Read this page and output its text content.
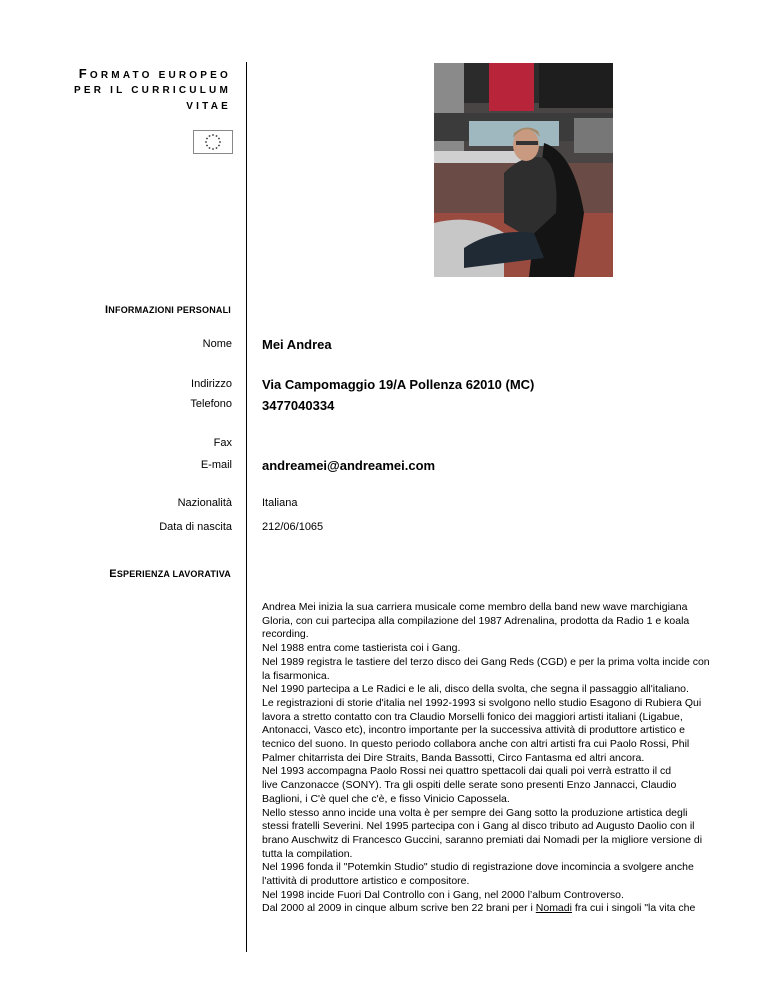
FORMATO EUROPEO
PER IL CURRICULUM
VITAE
INFORMAZIONI PERSONALI
Nome Mei Andrea
Indirizzo Via Campomaggio 19/A Pollenza 62010 (MC)
Telefono 3477040334
Fax
E-mail andreamei@andreamei.com
Nazionalità	Italiana
Data di nascita	212/06/1065
ESPERIENZA LAVORATIVA

Andrea Mei inizia la sua carriera musicale come membro della band new wave marchigiana

Gloria, con cui partecipa alla compilazione del 1987 Adrenalina, prodotta da Radio 1 e koala

recording.

Nel 1988 entra come tastierista coi i Gang.

Nel 1989 registra le tastiere del terzo disco dei Gang Reds (CGD) e per la prima volta incide con

la fisarmonica.

Nel 1990 partecipa a Le Radici e le ali, disco della svolta, che segna il passaggio all'italiano.

Le registrazioni di storie d'italia nel 1992-1993 si svolgono nello studio Esagono di Rubiera Qui

lavora a stretto contatto con tra Claudio Morselli fonico dei maggiori artisti italiani (Ligabue,

Antonacci, Vasco etc), incontro importante per la successiva attività di produttore artistico e

tecnico del suono. In questo periodo collabora anche con altri artisti fra cui Paolo Rossi, Phil

Palmer chitarrista dei Dire Straits, Banda Bassotti, Circo Fantasma ed altri ancora.

Nel 1993 accompagna Paolo Rossi nei quattro spettacoli dai quali poi verrà estratto il cd

live Canzonacce (SONY). Tra gli ospiti delle serate sono presenti Enzo Jannacci, Claudio

Baglioni, i C'è quel che c'è, e fisso Vinicio Capossela.

Nello stesso anno incide una volta è per sempre dei Gang sotto la produzione artistica degli

stessi fratelli Severini. Nel 1995 partecipa con i Gang al disco tributo ad Augusto Daolio con il

brano Auschwitz di Francesco Guccini, saranno premiati dai Nomadi per la migliore versione di

tutta la compilation.

Nel 1996 fonda il "Potemkin Studio" studio di registrazione dove incomincia a svolgere anche

l'attività di produttore artistico e compositore.

Nel 1998 incide Fuori Dal Controllo con i Gang, nel 2000 l’album Controverso.

Dal 2000 al 2009 in cinque album scrive ben 22 brani per i Nomadi fra cui i singoli "la vita che
